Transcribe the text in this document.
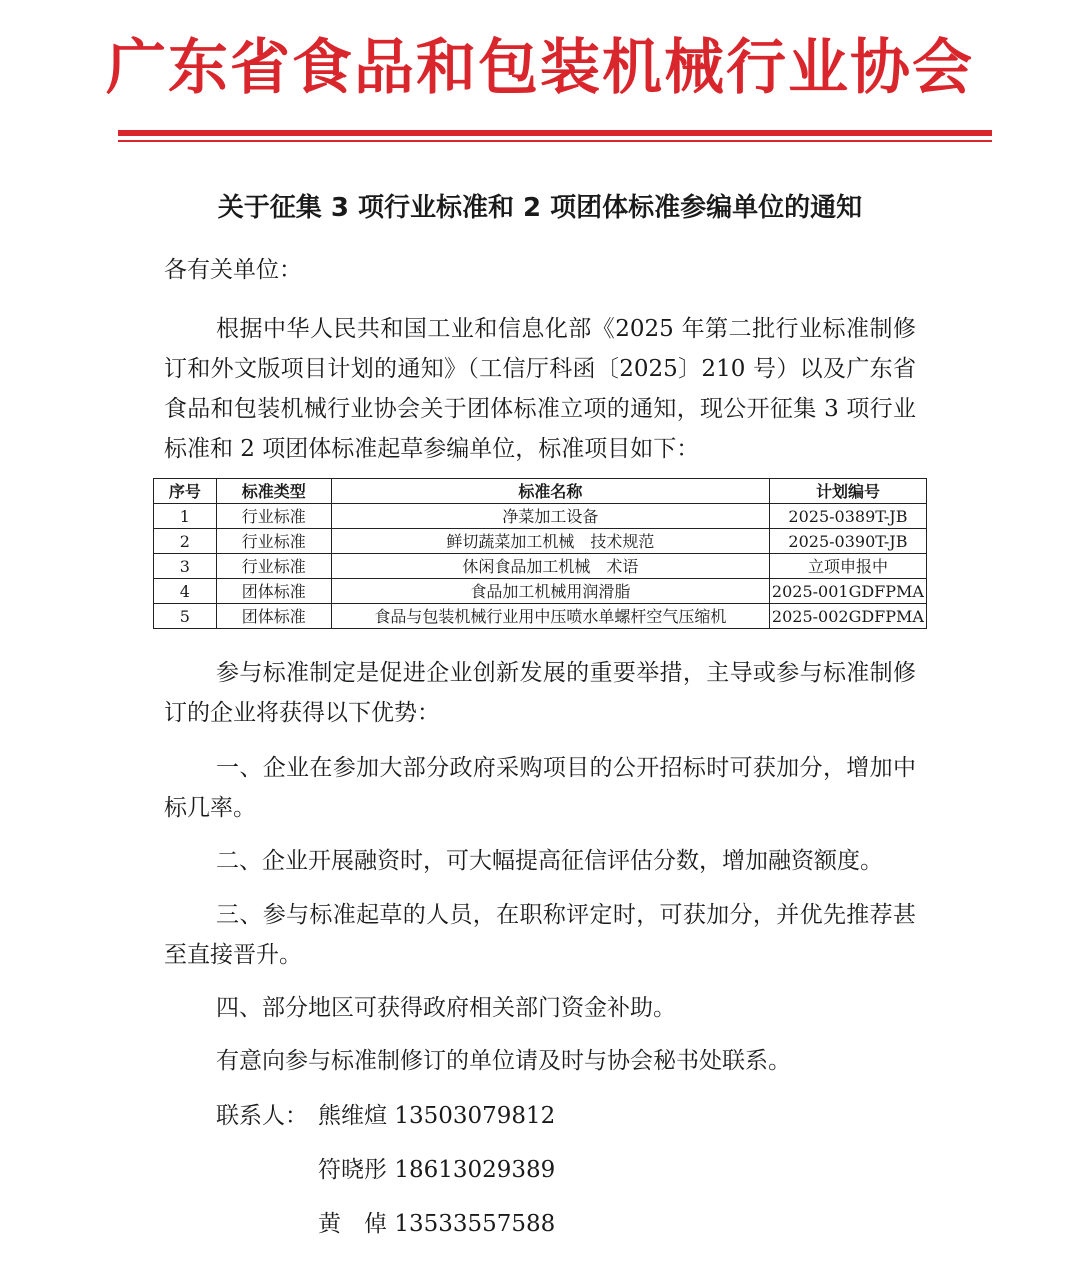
广东省食品和包装机械行业协会
关于征集 3 项行业标准和 2 项团体标准参编单位的通知

各有关单位：

根据中华人民共和国工业和信息化部《2025 年第二批行业标准制修订和外文版项目计划的通知》（工信厅科函〔2025〕210 号）以及广东省食品和包装机械行业协会关于团体标准立项的通知，现公开征集 3 项行业标准和 2 项团体标准起草参编单位，标准项目如下：

序号	标准类型	标准名称	计划编号
1	行业标准	净菜加工设备	2025-0389T-JB
2	行业标准	鲜切蔬菜加工机械　技术规范	2025-0390T-JB
3	行业标准	休闲食品加工机械　术语	立项申报中
4	团体标准	食品加工机械用润滑脂	2025-001GDFPMA
5	团体标准	食品与包装机械行业用中压喷水单螺杆空气压缩机	2025-002GDFPMA

参与标准制定是促进企业创新发展的重要举措，主导或参与标准制修订的企业将获得以下优势：

一、企业在参加大部分政府采购项目的公开招标时可获加分，增加中标几率。

二、企业开展融资时，可大幅提高征信评估分数，增加融资额度。

三、参与标准起草的人员，在职称评定时，可获加分，并优先推荐甚至直接晋升。

四、部分地区可获得政府相关部门资金补助。

有意向参与标准制修订的单位请及时与协会秘书处联系。

联系人： 熊维煊 13503079812
符晓彤 18613029389
黄　倬 13533557588
